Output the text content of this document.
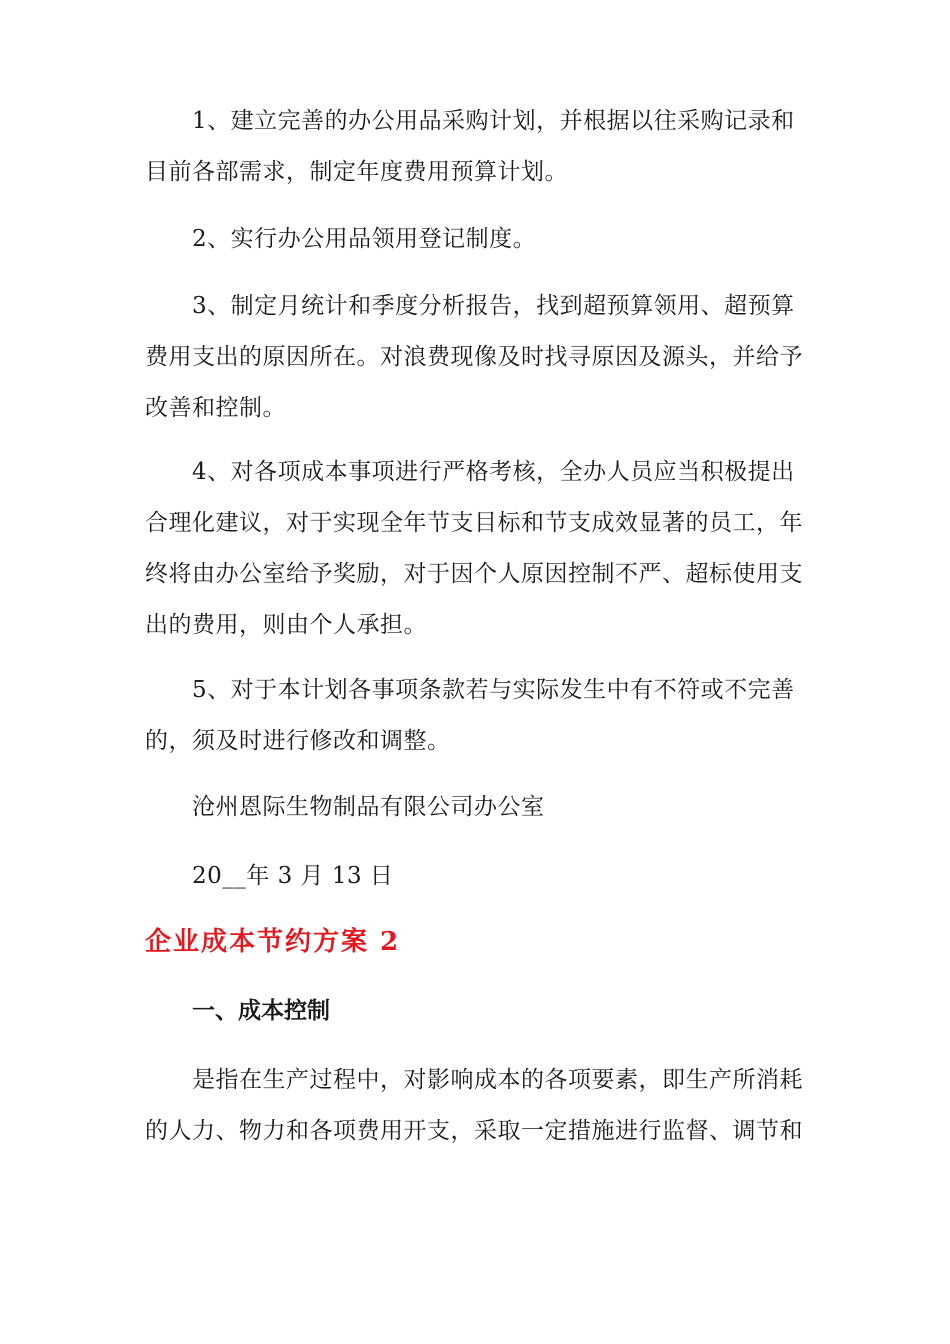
1、建立完善的办公用品采购计划，并根据以往采购记录和
目前各部需求，制定年度费用预算计划。
2、实行办公用品领用登记制度。
3、制定月统计和季度分析报告，找到超预算领用、超预算
费用支出的原因所在。对浪费现像及时找寻原因及源头，并给予
改善和控制。
4、对各项成本事项进行严格考核，全办人员应当积极提出
合理化建议，对于实现全年节支目标和节支成效显著的员工，年
终将由办公室给予奖励，对于因个人原因控制不严、超标使用支
出的费用，则由个人承担。
5、对于本计划各事项条款若与实际发生中有不符或不完善
的，须及时进行修改和调整。
沧州恩际生物制品有限公司办公室
20__年 3 月 13 日
企业成本节约方案 2
一、成本控制
是指在生产过程中，对影响成本的各项要素，即生产所消耗
的人力、物力和各项费用开支，采取一定措施进行监督、调节和
